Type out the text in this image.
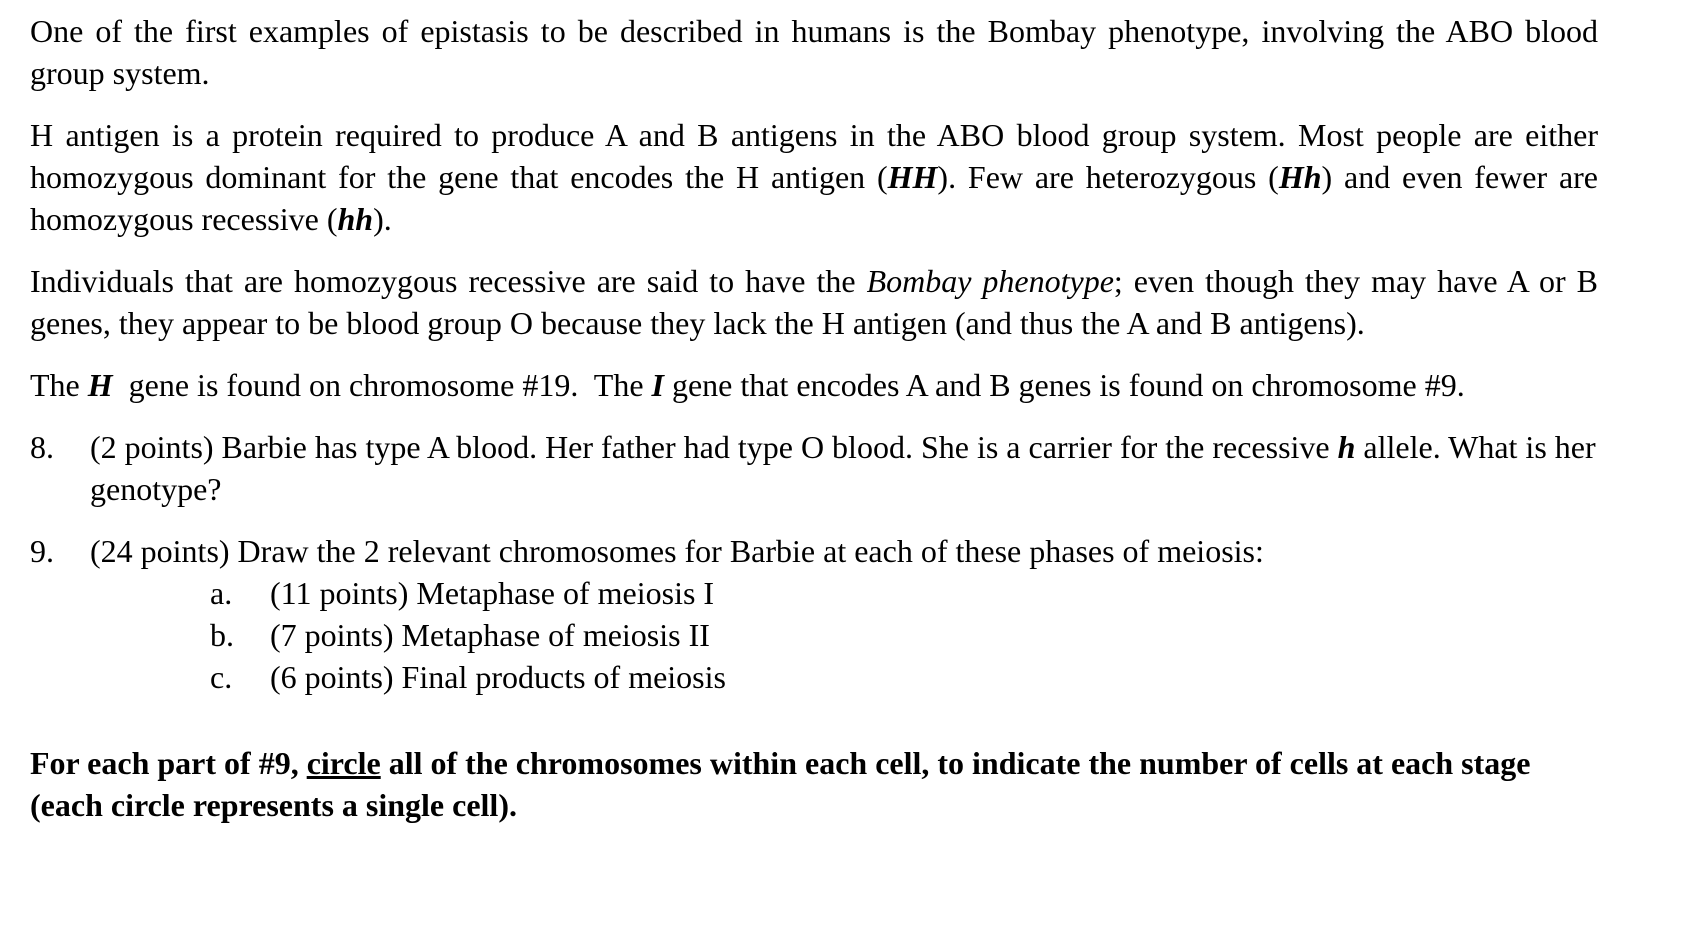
One of the first examples of epistasis to be described in humans is the Bombay phenotype, involving the ABO blood group system.

H antigen is a protein required to produce A and B antigens in the ABO blood group system. Most people are either homozygous dominant for the gene that encodes the H antigen (HH). Few are heterozygous (Hh) and even fewer are homozygous recessive (hh).

Individuals that are homozygous recessive are said to have the Bombay phenotype; even though they may have A or B genes, they appear to be blood group O because they lack the H antigen (and thus the A and B antigens).

The H  gene is found on chromosome #19.  The I gene that encodes A and B genes is found on chromosome #9.

8. (2 points) Barbie has type A blood. Her father had type O blood. She is a carrier for the recessive h allele. What is her genotype?
9. (24 points) Draw the 2 relevant chromosomes for Barbie at each of these phases of meiosis:
a. (11 points) Metaphase of meiosis I
b. (7 points) Metaphase of meiosis II
c. (6 points) Final products of meiosis

For each part of #9, circle all of the chromosomes within each cell, to indicate the number of cells at each stage (each circle represents a single cell).
